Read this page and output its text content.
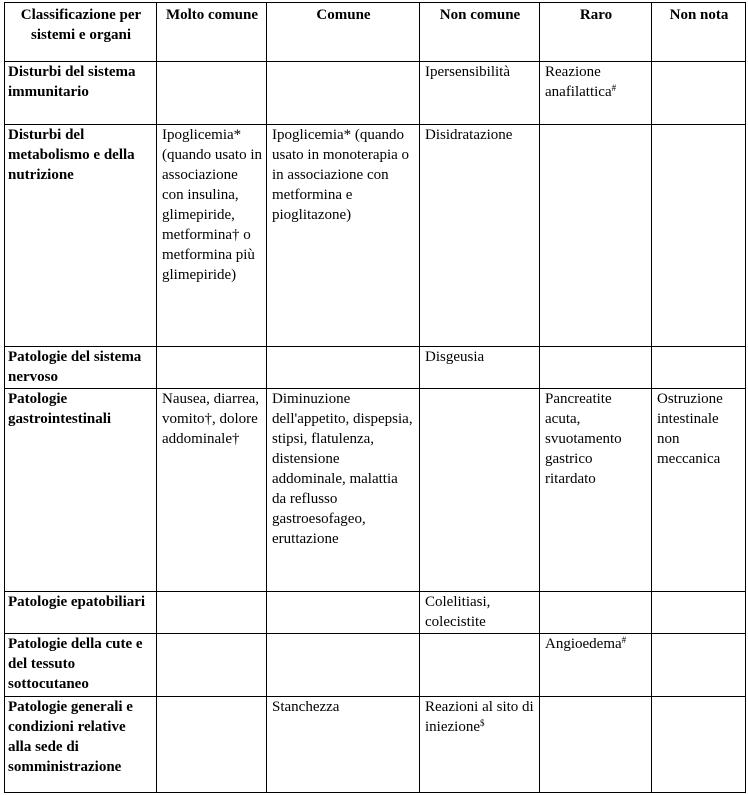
Classificazione per sistemi e organi	Molto comune	Comune	Non comune	Raro	Non nota
Disturbi del sistema immunitario			Ipersensibilità	Reazione anafilattica#	
Disturbi del metabolismo e della nutrizione	Ipoglicemia* (quando usato in associazione con insulina, glimepiride, metformina† o metformina più glimepiride)	Ipoglicemia* (quando usato in monoterapia o in associazione con metformina e pioglitazone)	Disidratazione		
Patologie del sistema nervoso			Disgeusia		
Patologie gastrointestinali	Nausea, diarrea, vomito†, dolore addominale†	Diminuzione dell'appetito, dispepsia, stipsi, flatulenza, distensione addominale, malattia da reflusso gastroesofageo, eruttazione		Pancreatite acuta, svuotamento gastrico ritardato	Ostruzione intestinale non meccanica
Patologie epatobiliari			Colelitiasi, colecistite		
Patologie della cute e del tessuto sottocutaneo				Angioedema#	
Patologie generali e condizioni relative alla sede di somministrazione		Stanchezza	Reazioni al sito di iniezione$		
